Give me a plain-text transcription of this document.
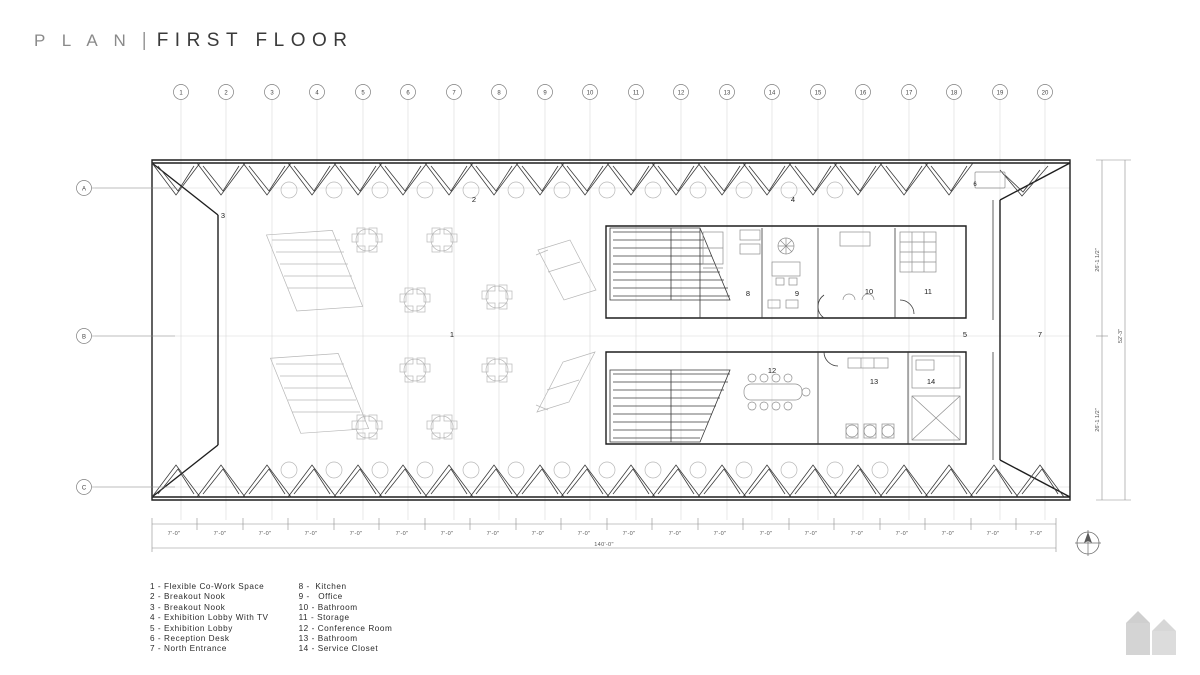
P L A N | FIRST FLOOR
1	2	3	4	5	6	7	8	9	10	11	12	13	14	15	16	17	18	19	20
A
B
C
1
2
3
4
5
6
7
8	9	10	11
12
13	14
7'-0"	7'-0"	7'-0"	7'-0"	7'-0"	7'-0"	7'-0"	7'-0"	7'-0"	7'-0"	7'-0"	7'-0"	7'-0"	7'-0"	7'-0"	7'-0"	7'-0"	7'-0"	7'-0"	7'-0"
140'-0"
26'-1 1/2"
26'-1 1/2"
52'-3"
1 - Flexible Co-Work Space
2 - Breakout Nook
3 - Breakout Nook
4 - Exhibition Lobby With TV
5 - Exhibition Lobby
6 - Reception Desk
7 - North Entrance
8 -  Kitchen
9 -   Office
10 - Bathroom
11 - Storage
12 - Conference Room
13 - Bathroom
14 - Service Closet
